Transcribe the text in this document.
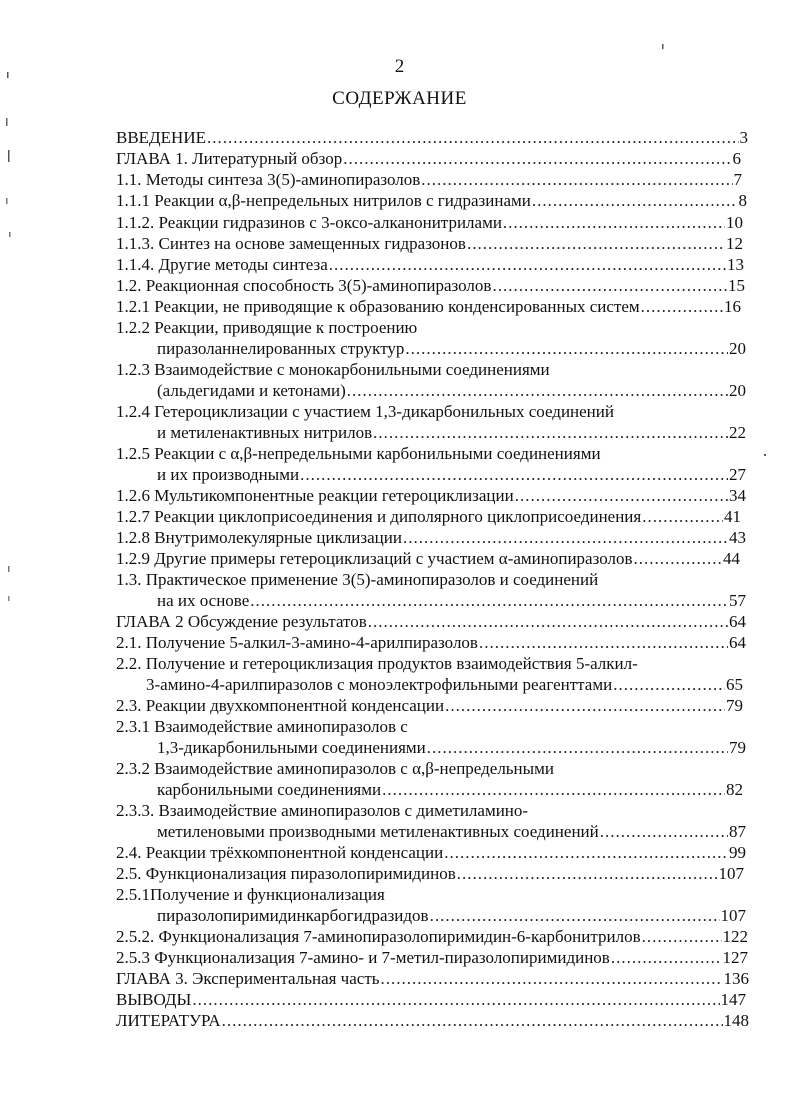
2
СОДЕРЖАНИЕ
ВВЕДЕНИЕ .....	3
ГЛАВА 1. Литературный обзор .....	6
1.1. Методы синтеза 3(5)-аминопиразолов .....	7
1.1.1 Реакции α,β-непредельных нитрилов с гидразинами .....	8
1.1.2. Реакции гидразинов с 3-оксо-алканонитрилами .....	10
1.1.3. Синтез на основе замещенных гидразонов .....	12
1.1.4. Другие методы синтеза .....	13
1.2. Реакционная способность 3(5)-аминопиразолов .....	15
1.2.1 Реакции, не приводящие к образованию конденсированных систем .....	16
1.2.2 Реакции, приводящие к построению
пиразоланнелированных структур .....	20
1.2.3 Взаимодействие с монокарбонильными соединениями
(альдегидами и кетонами) .....	20
1.2.4 Гетероциклизации с участием 1,3-дикарбонильных соединений
и метиленактивных нитрилов .....	22
1.2.5 Реакции с α,β-непредельными карбонильными соединениями
и их производными .....	27
1.2.6 Мультикомпонентные реакции гетероциклизации .....	34
1.2.7 Реакции циклоприсоединения и диполярного циклоприсоединения .....	41
1.2.8 Внутримолекулярные циклизации .....	43
1.2.9 Другие примеры гетероциклизаций с участием α-аминопиразолов .....	44
1.3. Практическое применение 3(5)-аминопиразолов и соединений
на их основе .....	57
ГЛАВА 2 Обсуждение результатов .....	64
2.1. Получение 5-алкил-3-амино-4-арилпиразолов .....	64
2.2. Получение и гетероциклизация продуктов взаимодействия 5-алкил-
3-амино-4-арилпиразолов с моноэлектрофильными реагенттами .....	65
2.3. Реакции двухкомпонентной конденсации .....	79
2.3.1 Взаимодействие аминопиразолов с
1,3-дикарбонильными соединениями .....	79
2.3.2 Взаимодействие аминопиразолов с α,β-непредельными
карбонильными соединениями .....	82
2.3.3. Взаимодействие аминопиразолов с диметиламино-
метиленовыми производными метиленактивных соединений .....	87
2.4. Реакции трёхкомпонентной конденсации .....	99
2.5. Функционализация пиразолопиримидинов .....	107
2.5.1Получение и функционализация
пиразолопиримидинкарбогидразидов .....	107
2.5.2. Функционализация 7-аминопиразолопиримидин-6-карбонитрилов .....	122
2.5.3 Функционализация 7-амино- и 7-метил-пиразолопиримидинов .....	127
ГЛАВА 3. Экспериментальная часть .....	136
ВЫВОДЫ .....	147
ЛИТЕРАТУРА .....	148
